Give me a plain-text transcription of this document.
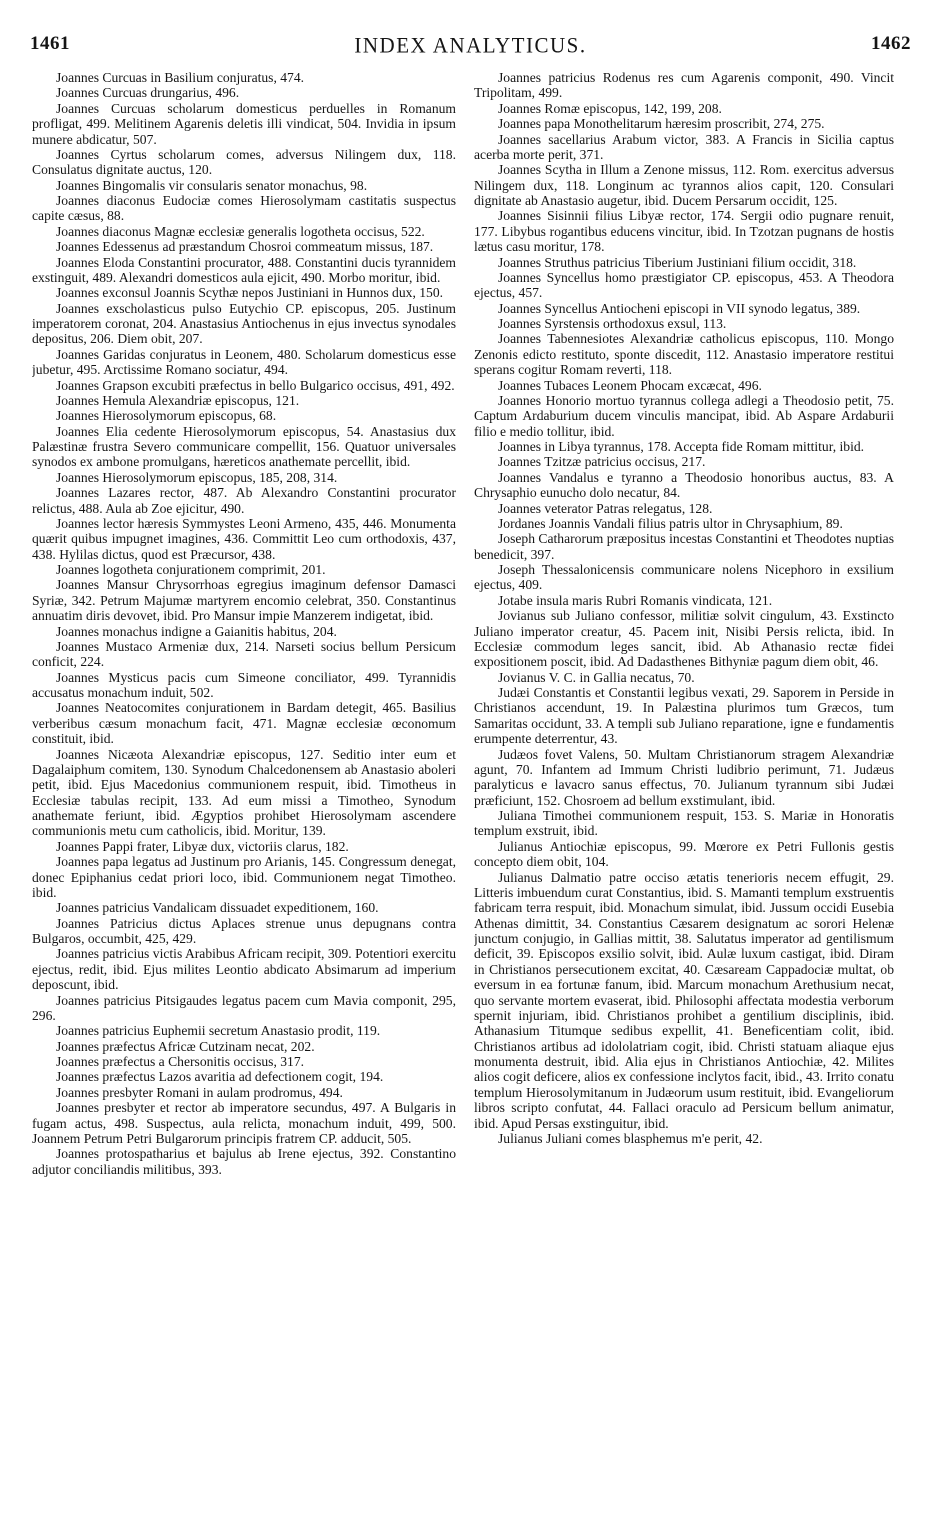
1461	INDEX ANALYTICUS.	1462

Joannes Curcuas in Basilium conjuratus, 474.

Joannes Curcuas drungarius, 496.

Joannes Curcuas scholarum domesticus perduelles in Romanum profligat, 499. Melitinem Agarenis deletis illi vindicat, 504. Invidia in ipsum munere abdicatur, 507.

Joannes Cyrtus scholarum comes, adversus Nilingem dux, 118. Consulatus dignitate auctus, 120.

Joannes Bingomalis vir consularis senator monachus, 98.

Joannes diaconus Eudociæ comes Hierosolymam castitatis suspectus capite cæsus, 88.

Joannes diaconus Magnæ ecclesiæ generalis logotheta occisus, 522.

Joannes Edessenus ad præstandum Chosroi commeatum missus, 187.

Joannes Eloda Constantini procurator, 488. Constantini ducis tyrannidem exstinguit, 489. Alexandri domesticos aula ejicit, 490. Morbo moritur, ibid.

Joannes exconsul Joannis Scythæ nepos Justiniani in Hunnos dux, 150.

Joannes exscholasticus pulso Eutychio CP. episcopus, 205. Justinum imperatorem coronat, 204. Anastasius Antiochenus in ejus invectus synodales depositus, 206. Diem obit, 207.

Joannes Garidas conjuratus in Leonem, 480. Scholarum domesticus esse jubetur, 495. Arctissime Romano sociatur, 494.

Joannes Grapson excubiti præfectus in bello Bulgarico occisus, 491, 492.

Joannes Hemula Alexandriæ episcopus, 121.

Joannes Hierosolymorum episcopus, 68.

Joannes Elia cedente Hierosolymorum episcopus, 54. Anastasius dux Palæstinæ frustra Severo communicare compellit, 156. Quatuor universales synodos ex ambone promulgans, hæreticos anathemate percellit, ibid.

Joannes Hierosolymorum episcopus, 185, 208, 314.

Joannes Lazares rector, 487. Ab Alexandro Constantini procurator relictus, 488. Aula ab Zoe ejicitur, 490.

Joannes lector hæresis Symmystes Leoni Armeno, 435, 446. Monumenta quærit quibus impugnet imagines, 436. Committit Leo cum orthodoxis, 437, 438. Hylilas dictus, quod est Præcursor, 438.

Joannes logotheta conjurationem comprimit, 201.

Joannes Mansur Chrysorrhoas egregius imaginum defensor Damasci Syriæ, 342. Petrum Majumæ martyrem encomio celebrat, 350. Constantinus annuatim diris devovet, ibid. Pro Mansur impie Manzerem indigetat, ibid.

Joannes monachus indigne a Gaianitis habitus, 204.

Joannes Mustaco Armeniæ dux, 214. Narseti socius bellum Persicum conficit, 224.

Joannes Mysticus pacis cum Simeone conciliator, 499. Tyrannidis accusatus monachum induit, 502.

Joannes Neatocomites conjurationem in Bardam detegit, 465. Basilius verberibus cæsum monachum facit, 471. Magnæ ecclesiæ œconomum constituit, ibid.

Joannes Nicæota Alexandriæ episcopus, 127. Seditio inter eum et Dagalaiphum comitem, 130. Synodum Chalcedonensem ab Anastasio aboleri petit, ibid. Ejus Macedonius communionem respuit, ibid. Timotheus in Ecclesiæ tabulas recipit, 133. Ad eum missi a Timotheo, Synodum anathemate feriunt, ibid. Ægyptios prohibet Hierosolymam ascendere communionis metu cum catholicis, ibid. Moritur, 139.

Joannes Pappi frater, Libyæ dux, victoriis clarus, 182.

Joannes papa legatus ad Justinum pro Arianis, 145. Congressum denegat, donec Epiphanius cedat priori loco, ibid. Communionem negat Timotheo. ibid.

Joannes patricius Vandalicam dissuadet expeditionem, 160.

Joannes Patricius dictus Aplaces strenue unus depugnans contra Bulgaros, occumbit, 425, 429.

Joannes patricius victis Arabibus Africam recipit, 309. Potentiori exercitu ejectus, redit, ibid. Ejus milites Leontio abdicato Absimarum ad imperium deposcunt, ibid.

Joannes patricius Pitsigaudes legatus pacem cum Mavia componit, 295, 296.

Joannes patricius Euphemii secretum Anastasio prodit, 119.

Joannes præfectus Africæ Cutzinam necat, 202.

Joannes præfectus a Chersonitis occisus, 317.

Joannes præfectus Lazos avaritia ad defectionem cogit, 194.

Joannes presbyter Romani in aulam prodromus, 494.

Joannes presbyter et rector ab imperatore secundus, 497. A Bulgaris in fugam actus, 498. Suspectus, aula relicta, monachum induit, 499, 500. Joannem Petrum Petri Bulgarorum principis fratrem CP. adducit, 505.

Joannes protospatharius et bajulus ab Irene ejectus, 392. Constantino adjutor conciliandis militibus, 393.

Joannes patricius Rodenus res cum Agarenis componit, 490. Vincit Tripolitam, 499.

Joannes Romæ episcopus, 142, 199, 208.

Joannes papa Monothelitarum hæresim proscribit, 274, 275.

Joannes sacellarius Arabum victor, 383. A Francis in Sicilia captus acerba morte perit, 371.

Joannes Scytha in Illum a Zenone missus, 112. Rom. exercitus adversus Nilingem dux, 118. Longinum ac tyrannos alios capit, 120. Consulari dignitate ab Anastasio augetur, ibid. Ducem Persarum occidit, 125.

Joannes Sisinnii filius Libyæ rector, 174. Sergii odio pugnare renuit, 177. Libybus rogantibus educens vincitur, ibid. In Tzotzan pugnans de hostis lætus casu moritur, 178.

Joannes Struthus patricius Tiberium Justiniani filium occidit, 318.

Joannes Syncellus homo præstigiator CP. episcopus, 453. A Theodora ejectus, 457.

Joannes Syncellus Antiocheni episcopi in VII synodo legatus, 389.

Joannes Syrstensis orthodoxus exsul, 113.

Joannes Tabennesiotes Alexandriæ catholicus episcopus, 110. Mongo Zenonis edicto restituto, sponte discedit, 112. Anastasio imperatore restitui sperans cogitur Romam reverti, 118.

Joannes Tubaces Leonem Phocam excæcat, 496.

Joannes Honorio mortuo tyrannus collega adlegi a Theodosio petit, 75. Captum Ardaburium ducem vinculis mancipat, ibid. Ab Aspare Ardaburii filio e medio tollitur, ibid.

Joannes in Libya tyrannus, 178. Accepta fide Romam mittitur, ibid.

Joannes Tzitzæ patricius occisus, 217.

Joannes Vandalus e tyranno a Theodosio honoribus auctus, 83. A Chrysaphio eunucho dolo necatur, 84.

Joannes veterator Patras relegatus, 128.

Jordanes Joannis Vandali filius patris ultor in Chrysaphium, 89.

Joseph Catharorum præpositus incestas Constantini et Theodotes nuptias benedicit, 397.

Joseph Thessalonicensis communicare nolens Nicephoro in exsilium ejectus, 409.

Jotabe insula maris Rubri Romanis vindicata, 121.

Jovianus sub Juliano confessor, militiæ solvit cingulum, 43. Exstincto Juliano imperator creatur, 45. Pacem init, Nisibi Persis relicta, ibid. In Ecclesiæ commodum leges sancit, ibid. Ab Athanasio rectæ fidei expositionem poscit, ibid. Ad Dadasthenes Bithyniæ pagum diem obit, 46.

Jovianus V. C. in Gallia necatus, 70.

Judæi Constantis et Constantii legibus vexati, 29. Saporem in Perside in Christianos accendunt, 19. In Palæstina plurimos tum Græcos, tum Samaritas occidunt, 33. A templi sub Juliano reparatione, igne e fundamentis erumpente deterrentur, 43.

Judæos fovet Valens, 50. Multam Christianorum stragem Alexandriæ agunt, 70. Infantem ad Immum Christi ludibrio perimunt, 71. Judæus paralyticus e lavacro sanus effectus, 70. Julianum tyrannum sibi Judæi præficiunt, 152. Chosroem ad bellum exstimulant, ibid.

Juliana Timothei communionem respuit, 153. S. Mariæ in Honoratis templum exstruit, ibid.

Julianus Antiochiæ episcopus, 99. Mœrore ex Petri Fullonis gestis concepto diem obit, 104.

Julianus Dalmatio patre occiso ætatis tenerioris necem effugit, 29. Litteris imbuendum curat Constantius, ibid. S. Mamanti templum exstruentis fabricam terra respuit, ibid. Monachum simulat, ibid. Jussum occidi Eusebia Athenas dimittit, 34. Constantius Cæsarem designatum ac sorori Helenæ junctum conjugio, in Gallias mittit, 38. Salutatus imperator ad gentilismum deficit, 39. Episcopos exsilio solvit, ibid. Aulæ luxum castigat, ibid. Diram in Christianos persecutionem excitat, 40. Cæsaream Cappadociæ multat, ob eversum in ea fortunæ fanum, ibid. Marcum monachum Arethusium necat, quo servante mortem evaserat, ibid. Philosophi affectata modestia verborum spernit injuriam, ibid. Christianos prohibet a gentilium disciplinis, ibid. Athanasium Titumque sedibus expellit, 41. Beneficentiam colit, ibid. Christianos artibus ad idololatriam cogit, ibid. Christi statuam aliaque ejus monumenta destruit, ibid. Alia ejus in Christianos Antiochiæ, 42. Milites alios cogit deficere, alios ex confessione inclytos facit, ibid., 43. Irrito conatu templum Hierosolymitanum in Judæorum usum restituit, ibid. Evangeliorum libros scripto confutat, 44. Fallaci oraculo ad Persicum bellum animatur, ibid. Apud Persas exstinguitur, ibid.

Julianus Juliani comes blasphemus m'e perit, 42.
